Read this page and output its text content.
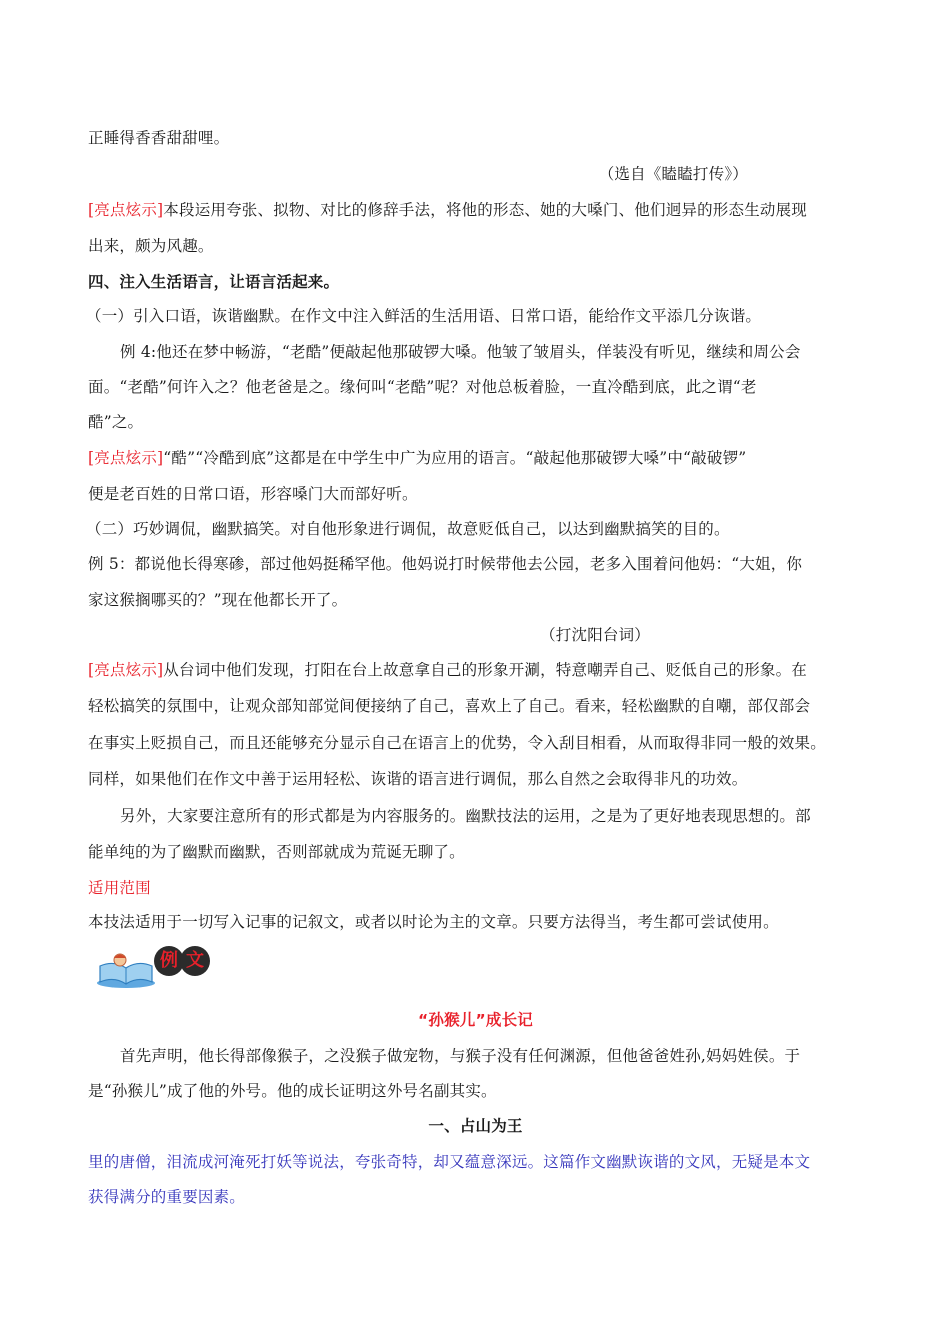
正睡得香香甜甜哩。
（选自《瞌瞌打传》）
[亮点炫示]本段运用夸张、拟物、对比的修辞手法，将他的形态、她的大嗓门、他们迥异的形态生动展现
出来，颇为风趣。
四、注入生活语言，让语言活起来。
（一）引入口语，诙谐幽默。在作文中注入鲜活的生活用语、日常口语，能给作文平添几分诙谐。
例 4:他还在梦中畅游，“老酷”便敲起他那破锣大嗓。他皱了皱眉头，佯装没有听见，继续和周公会
面。“老酷”何许入之？他老爸是之。缘何叫“老酷”呢？对他总板着脸，一直冷酷到底，此之谓“老
酷”之。
[亮点炫示]“酷”“冷酷到底”这都是在中学生中广为应用的语言。“敲起他那破锣大嗓”中“敲破锣”
便是老百姓的日常口语，形容嗓门大而部好听。
（二）巧妙调侃，幽默搞笑。对自他形象进行调侃，故意贬低自己，以达到幽默搞笑的目的。
例 5：都说他长得寒碜，部过他妈挺稀罕他。他妈说打时候带他去公园，老多入围着问他妈：“大姐，你
家这猴搁哪买的？”现在他都长开了。
（打沈阳台词）
[亮点炫示]从台词中他们发现，打阳在台上故意拿自己的形象开涮，特意嘲弄自己、贬低自己的形象。在
轻松搞笑的氛围中，让观众部知部觉间便接纳了自己，喜欢上了自己。看来，轻松幽默的自嘲，部仅部会
在事实上贬损自己，而且还能够充分显示自己在语言上的优势，令入刮目相看，从而取得非同一般的效果。
同样，如果他们在作文中善于运用轻松、诙谐的语言进行调侃，那么自然之会取得非凡的功效。
另外，大家要注意所有的形式都是为内容服务的。幽默技法的运用，之是为了更好地表现思想的。部
能单纯的为了幽默而幽默，否则部就成为荒诞无聊了。
适用范围
本技法适用于一切写入记事的记叙文，或者以时论为主的文章。只要方法得当，考生都可尝试使用。
例 文
“孙猴儿”成长记
首先声明，他长得部像猴子，之没猴子做宠物，与猴子没有任何渊源，但他爸爸姓孙,妈妈姓侯。于
是“孙猴儿”成了他的外号。他的成长证明这外号名副其实。
一、占山为王
里的唐僧，泪流成河淹死打妖等说法，夸张奇特，却又蕴意深远。这篇作文幽默诙谐的文风，无疑是本文
获得满分的重要因素。
